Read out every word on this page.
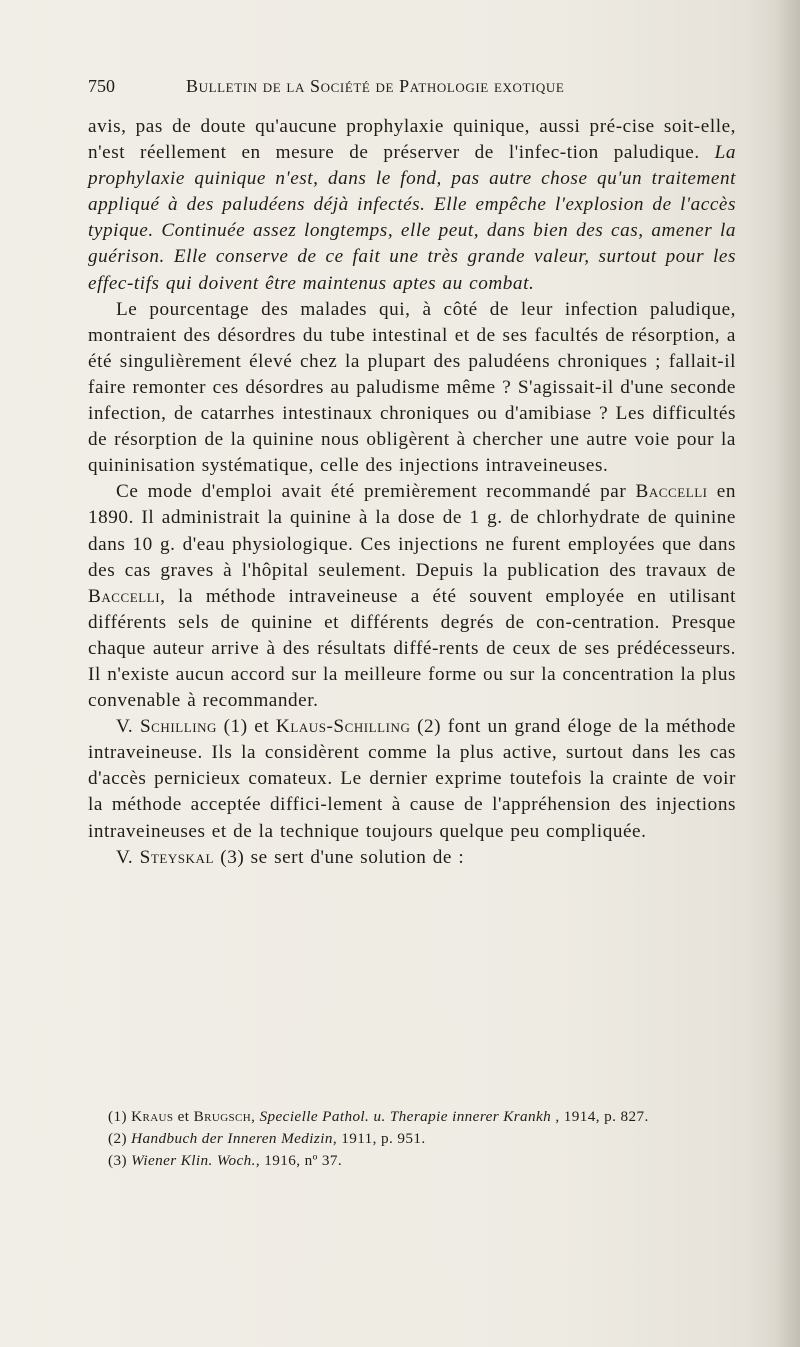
750	Bulletin de la Société de Pathologie exotique

avis, pas de doute qu'aucune prophylaxie quinique, aussi pré-cise soit-elle, n'est réellement en mesure de préserver de l'infec-tion paludique. La prophylaxie quinique n'est, dans le fond, pas autre chose qu'un traitement appliqué à des paludéens déjà infectés. Elle empêche l'explosion de l'accès typique. Continuée assez longtemps, elle peut, dans bien des cas, amener la guérison. Elle conserve de ce fait une très grande valeur, surtout pour les effec-tifs qui doivent être maintenus aptes au combat.

Le pourcentage des malades qui, à côté de leur infection paludique, montraient des désordres du tube intestinal et de ses facultés de résorption, a été singulièrement élevé chez la plupart des paludéens chroniques ; fallait-il faire remonter ces désordres au paludisme même ? S'agissait-il d'une seconde infection, de catarrhes intestinaux chroniques ou d'amibiase ? Les difficultés de résorption de la quinine nous obligèrent à chercher une autre voie pour la quininisation systématique, celle des injections intraveineuses.

Ce mode d'emploi avait été premièrement recommandé par Baccelli en 1890. Il administrait la quinine à la dose de 1 g. de chlorhydrate de quinine dans 10 g. d'eau physiologique. Ces injections ne furent employées que dans des cas graves à l'hôpital seulement. Depuis la publication des travaux de Baccelli, la méthode intraveineuse a été souvent employée en utilisant différents sels de quinine et différents degrés de con-centration. Presque chaque auteur arrive à des résultats diffé-rents de ceux de ses prédécesseurs. Il n'existe aucun accord sur la meilleure forme ou sur la concentration la plus convenable à recommander.

V. Schilling (1) et Klaus-Schilling (2) font un grand éloge de la méthode intraveineuse. Ils la considèrent comme la plus active, surtout dans les cas d'accès pernicieux comateux. Le dernier exprime toutefois la crainte de voir la méthode acceptée diffici-lement à cause de l'appréhension des injections intraveineuses et de la technique toujours quelque peu compliquée.

V. Steyskal (3) se sert d'une solution de :

(1) Kraus et Brugsch, Specielle Pathol. u. Therapie innerer Krankh , 1914, p. 827.

(2) Handbuch der Inneren Medizin, 1911, p. 951.

(3) Wiener Klin. Woch., 1916, nº 37.
